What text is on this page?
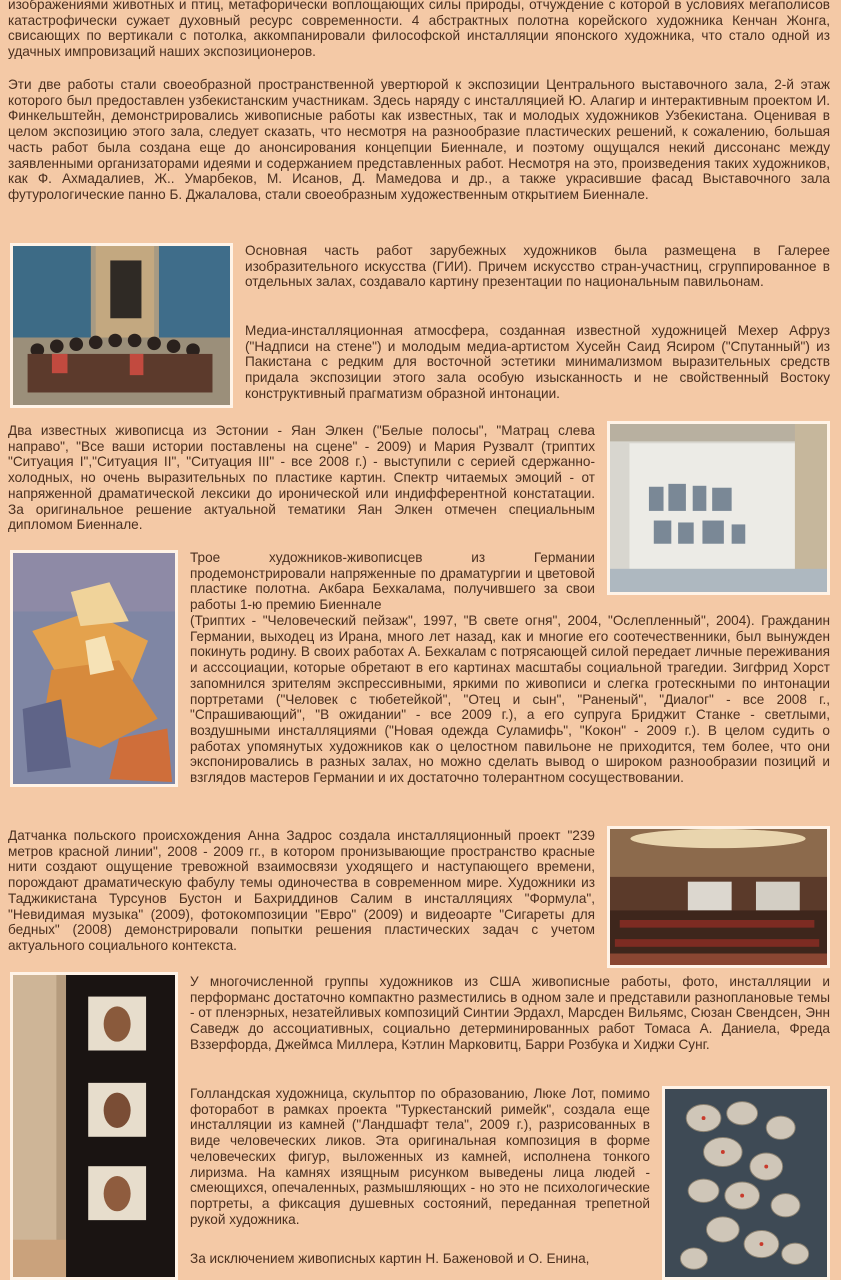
изображениями животных и птиц, метафорически воплощающих силы природы, отчуждение с которой в условиях мегаполисов катастрофически сужает духовный ресурс современности. 4 абстрактных полотна корейского художника Кенчан Жонга, свисающих по вертикали с потолка, аккомпанировали философской инсталляции японского художника, что стало одной из удачных импровизаций наших экспозиционеров.

Эти две работы стали своеобразной пространственной увертюрой к экспозиции Центрального выставочного зала, 2-й этаж которого был предоставлен узбекистанским участникам. Здесь наряду с инсталляцией Ю. Алагир и интерактивным проектом И. Финкельштейн, демонстрировались живописные работы как известных, так и молодых художников Узбекистана. Оценивая в целом экспозицию этого зала, следует сказать, что несмотря на разнообразие пластических решений, к сожалению, большая часть работ была создана еще до анонсирования концепции Биеннале, и поэтому ощущался некий диссонанс между заявленными организаторами идеями и содержанием представленных работ. Несмотря на это, произведения таких художников, как Ф. Ахмадалиев, Ж.. Умарбеков, М. Исанов, Д. Мамедова и др., а также украсившие фасад Выставочного зала футурологические панно Б. Джалалова, стали своеобразным художественным открытием Биеннале.

Основная часть работ зарубежных художников была размещена в Галерее изобразительного искусства (ГИИ). Причем искусство стран-участниц, сгруппированное в отдельных залах, создавало картину презентации по национальным павильонам.

Медиа-инсталляционная атмосфера, созданная известной художницей Мехер Афруз ("Надписи на стене") и молодым медиа-артистом Хусейн Саид Ясиром ("Спутанный") из Пакистана с редким для восточной эстетики минимализмом выразительных средств придала экспозиции этого зала особую изысканность и не свойственный Востоку конструктивный прагматизм образной интонации.

Два известных живописца из Эстонии - Яан Элкен ("Белые полосы", "Матрац слева направо", "Все ваши истории поставлены на сцене" - 2009) и Мария Рузвалт (триптих "Ситуация I","Ситуация II", "Ситуация III" - все 2008 г.) - выступили с серией сдержанно-холодных, но очень выразительных по пластике картин. Спектр читаемых эмоций - от напряженной драматической лексики до иронической или индифферентной констатации. За оригинальное решение актуальной тематики Яан Элкен отмечен специальным дипломом Биеннале.

Трое художников-живописцев из Германии продемонстрировали напряженные по драматургии и цветовой пластике полотна. Акбара Бехкалама, получившего за свои работы 1-ю премию Биеннале

(Триптих - "Человеческий пейзаж", 1997, "В свете огня", 2004, "Ослепленный", 2004). Гражданин Германии, выходец из Ирана, много лет назад, как и многие его соотечественники, был вынужден покинуть родину. В своих работах А. Бехкалам с потрясающей силой передает личные переживания и асссоциации, которые обретают в его картинах масштабы социальной трагедии. Зигфрид Хорст запомнился зрителям экспрессивными, яркими по живописи и слегка гротескными по интонации портретами ("Человек с тюбетейкой", "Отец и сын", "Раненый", "Диалог" - все 2008 г., "Спрашивающий", "В ожидании" - все 2009 г.), а его супруга Бриджит Станке - светлыми, воздушными инсталляциями ("Новая одежда Суламифь", "Кокон" - 2009 г.). В целом судить о работах упомянутых художников как о целостном павильоне не приходится, тем более, что они экспонировались в разных залах, но можно сделать вывод о широком разнообразии позиций и взглядов мастеров Германии и их достаточно толерантном сосуществовании.

Датчанка польского происхождения Анна Задрос создала инсталляционный проект "239 метров красной линии", 2008 - 2009 гг., в котором пронизывающие пространство красные нити создают ощущение тревожной взаимосвязи уходящего и наступающего времени, порождают драматическую фабулу темы одиночества в современном мире. Художники из Таджикистана Турсунов Бустон и Бахриддинов Салим в инсталляциях "Формула", "Невидимая музыка" (2009), фотокомпозиции "Евро" (2009) и видеоарте "Сигареты для бедных" (2008) демонстрировали попытки решения пластических задач с учетом актуального социального контекста.

У многочисленной группы художников из США живописные работы, фото, инсталляции и перформанс достаточно компактно разместились в одном зале и представили разноплановые темы - от пленэрных, незатейливых композиций Синтии Эрдахл, Марсден Вильямс, Сюзан Свендсен, Энн Саведж до ассоциативных, социально детерминированных работ Томаса А. Даниела, Фреда Вззерфорда, Джеймса Миллера, Кэтлин Марковитц, Барри Розбука и Хиджи Сунг.

Голландская художница, скульптор по образованию, Люке Лот, помимо фоторабот в рамках проекта "Туркестанский римейк", создала еще инсталляции из камней ("Ландшафт тела", 2009 г.), разрисованных в виде человеческих ликов. Эта оригинальная композиция в форме человеческих фигур, выложенных из камней, исполнена тонкого лиризма. На камнях изящным рисунком выведены лица людей - смеющихся, опечаленных, размышляющих - но это не психологические портреты, а фиксация душевных состояний, переданная трепетной рукой художника.

За исключением живописных картин Н. Баженовой и О. Енина,
